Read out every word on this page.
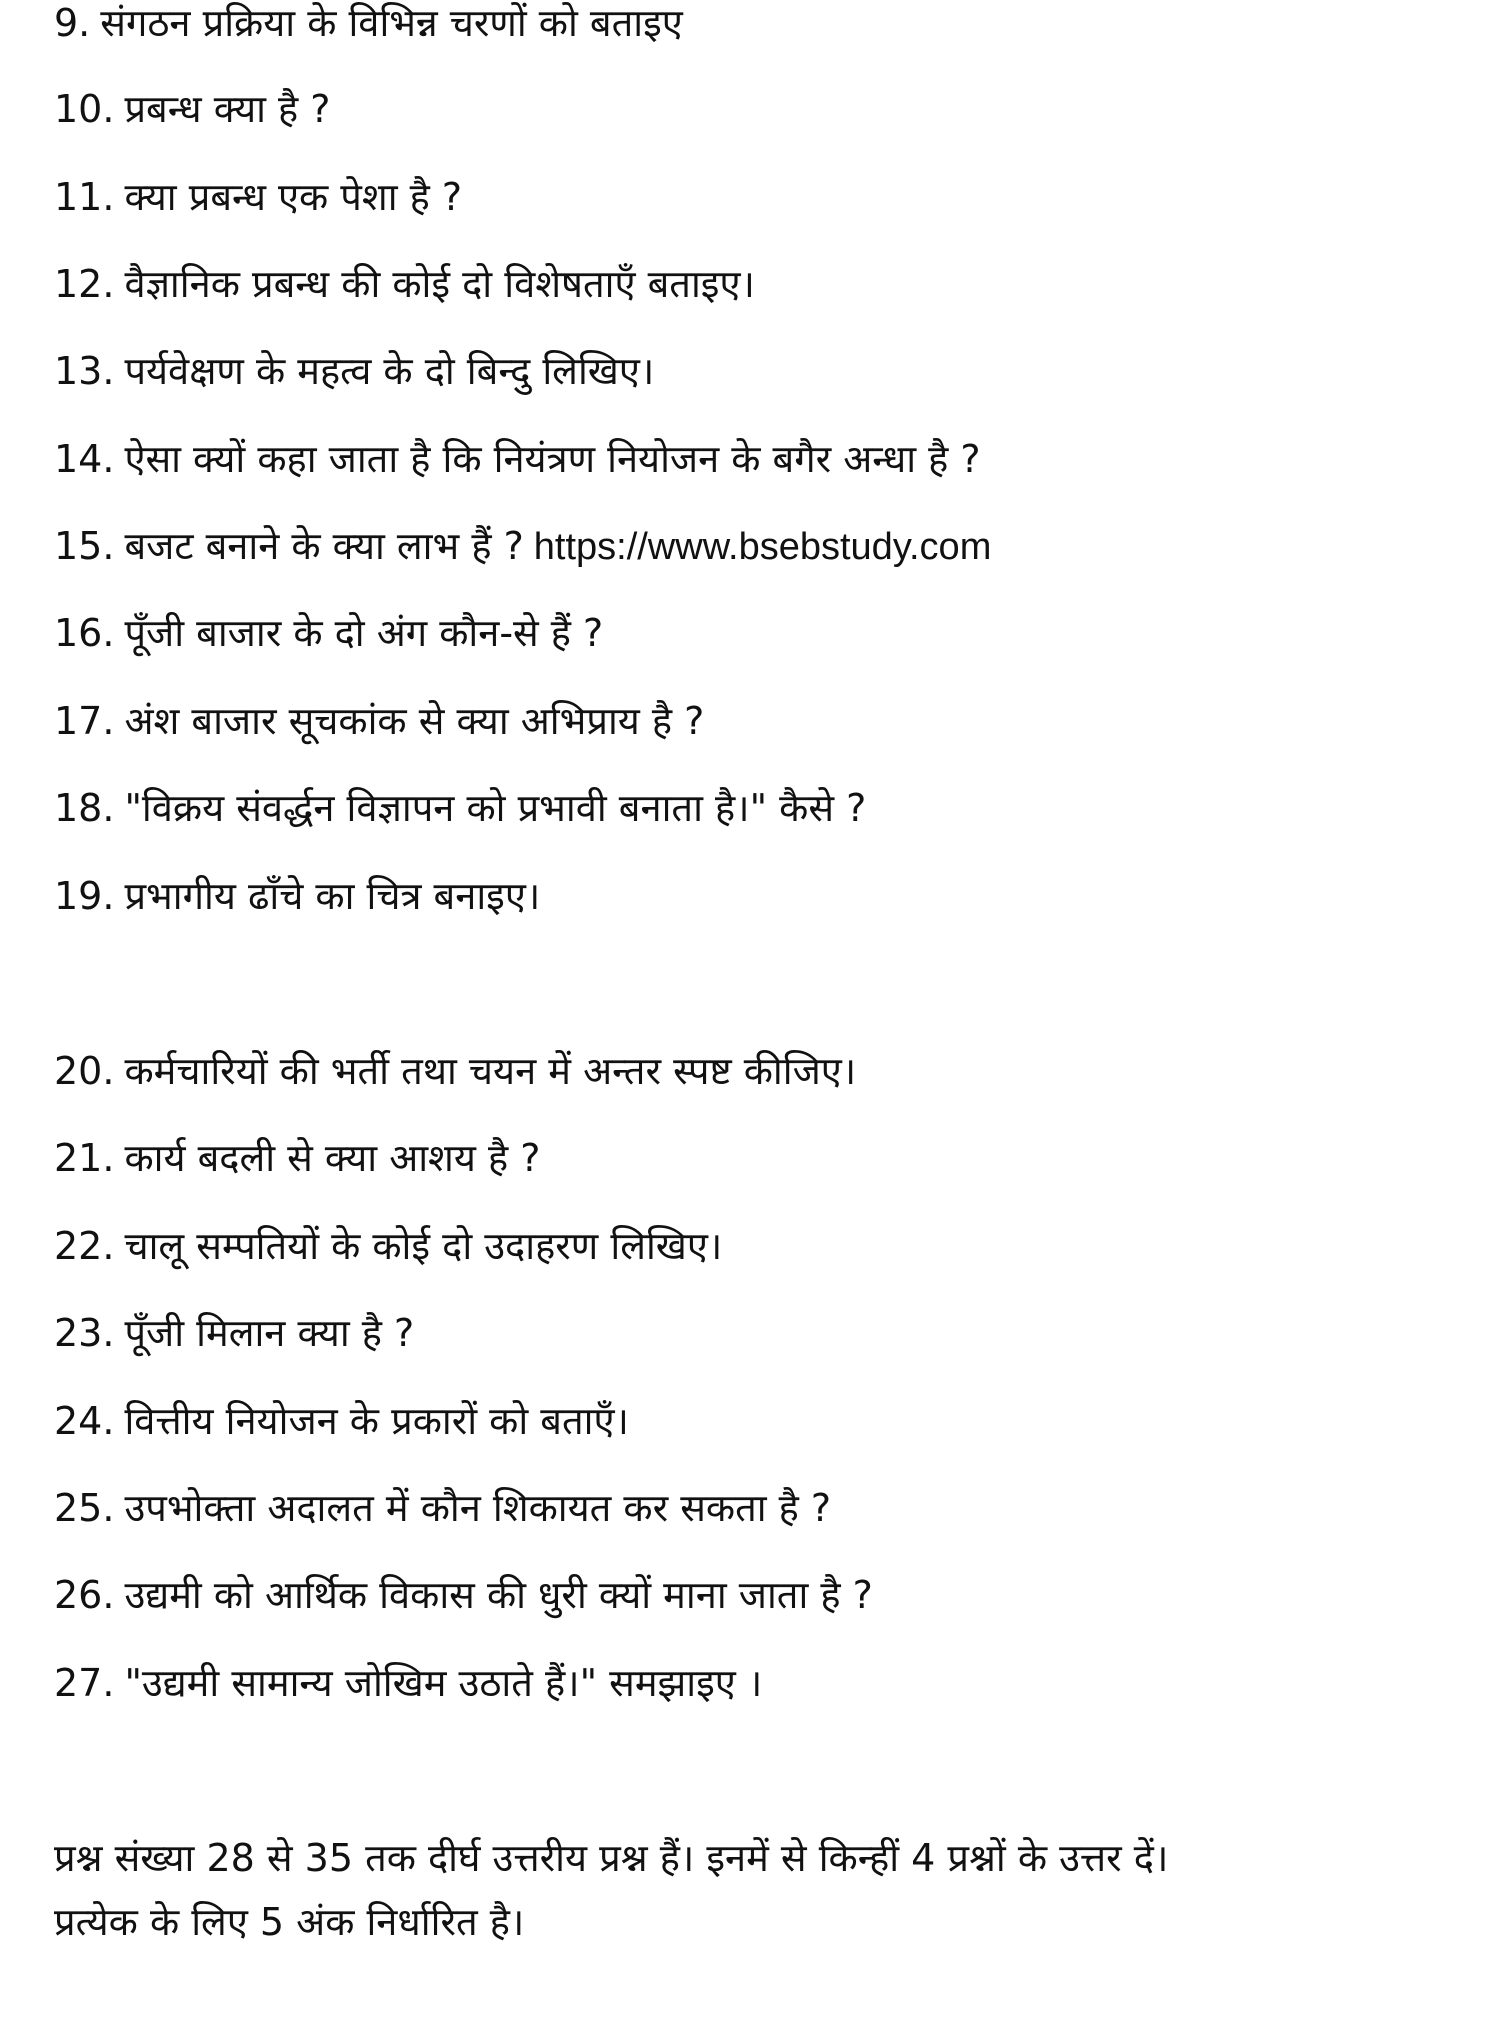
9. संगठन प्रक्रिया के विभिन्न चरणों को बताइए
10. प्रबन्ध क्या है ?
11. क्या प्रबन्ध एक पेशा है ?
12. वैज्ञानिक प्रबन्ध की कोई दो विशेषताएँ बताइए।
13. पर्यवेक्षण के महत्व के दो बिन्दु लिखिए।
14. ऐसा क्यों कहा जाता है कि नियंत्रण नियोजन के बगैर अन्धा है ?
15. बजट बनाने के क्या लाभ हैं ? https://www.bsebstudy.com
16. पूँजी बाजार के दो अंग कौन-से हैं ?
17. अंश बाजार सूचकांक से क्या अभिप्राय है ?
18. "विक्रय संवर्द्धन विज्ञापन को प्रभावी बनाता है।" कैसे ?
19. प्रभागीय ढाँचे का चित्र बनाइए।
20. कर्मचारियों की भर्ती तथा चयन में अन्तर स्पष्ट कीजिए।
21. कार्य बदली से क्या आशय है ?
22. चालू सम्पतियों के कोई दो उदाहरण लिखिए।
23. पूँजी मिलान क्या है ?
24. वित्तीय नियोजन के प्रकारों को बताएँ।
25. उपभोक्ता अदालत में कौन शिकायत कर सकता है ?
26. उद्यमी को आर्थिक विकास की धुरी क्यों माना जाता है ?
27. "उद्यमी सामान्य जोखिम उठाते हैं।" समझाइए ।
प्रश्न संख्या 28 से 35 तक दीर्घ उत्तरीय प्रश्न हैं। इनमें से किन्हीं 4 प्रश्नों के उत्तर दें।
प्रत्येक के लिए 5 अंक निर्धारित है।
